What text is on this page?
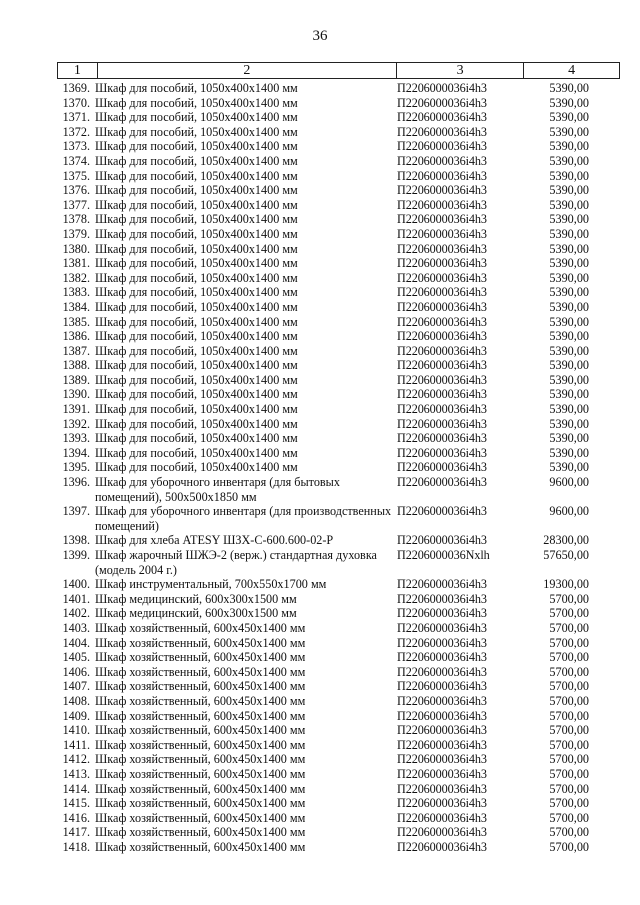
36
1	2	3	4
1369. Шкаф для пособий, 1050х400х1400 мм	П2206000036і4h3	5390,00
1370. Шкаф для пособий, 1050х400х1400 мм	П2206000036і4h3	5390,00
1371. Шкаф для пособий, 1050х400х1400 мм	П2206000036і4h3	5390,00
1372. Шкаф для пособий, 1050х400х1400 мм	П2206000036і4h3	5390,00
1373. Шкаф для пособий, 1050х400х1400 мм	П2206000036і4h3	5390,00
1374. Шкаф для пособий, 1050х400х1400 мм	П2206000036і4h3	5390,00
1375. Шкаф для пособий, 1050х400х1400 мм	П2206000036і4h3	5390,00
1376. Шкаф для пособий, 1050х400х1400 мм	П2206000036і4h3	5390,00
1377. Шкаф для пособий, 1050х400х1400 мм	П2206000036і4h3	5390,00
1378. Шкаф для пособий, 1050х400х1400 мм	П2206000036і4h3	5390,00
1379. Шкаф для пособий, 1050х400х1400 мм	П2206000036і4h3	5390,00
1380. Шкаф для пособий, 1050х400х1400 мм	П2206000036і4h3	5390,00
1381. Шкаф для пособий, 1050х400х1400 мм	П2206000036і4h3	5390,00
1382. Шкаф для пособий, 1050х400х1400 мм	П2206000036і4h3	5390,00
1383. Шкаф для пособий, 1050х400х1400 мм	П2206000036і4h3	5390,00
1384. Шкаф для пособий, 1050х400х1400 мм	П2206000036і4h3	5390,00
1385. Шкаф для пособий, 1050х400х1400 мм	П2206000036і4h3	5390,00
1386. Шкаф для пособий, 1050х400х1400 мм	П2206000036і4h3	5390,00
1387. Шкаф для пособий, 1050х400х1400 мм	П2206000036і4h3	5390,00
1388. Шкаф для пособий, 1050х400х1400 мм	П2206000036і4h3	5390,00
1389. Шкаф для пособий, 1050х400х1400 мм	П2206000036і4h3	5390,00
1390. Шкаф для пособий, 1050х400х1400 мм	П2206000036і4h3	5390,00
1391. Шкаф для пособий, 1050х400х1400 мм	П2206000036і4h3	5390,00
1392. Шкаф для пособий, 1050х400х1400 мм	П2206000036і4h3	5390,00
1393. Шкаф для пособий, 1050х400х1400 мм	П2206000036і4h3	5390,00
1394. Шкаф для пособий, 1050х400х1400 мм	П2206000036і4h3	5390,00
1395. Шкаф для пособий, 1050х400х1400 мм	П2206000036і4h3	5390,00
1396. Шкаф для уборочного инвентаря (для бытовых помещений), 500х500х1850 мм
П2206000036і4h3	9600,00
1397. Шкаф для уборочного инвентаря (для производственных помещений)
П2206000036і4h3	9600,00
1398. Шкаф для хлеба ATESY ШЗХ-С-600.600-02-Р	П2206000036і4h3	28300,00
1399. Шкаф жарочный ШЖЭ-2 (верж.) стандартная духовка (модель 2004 г.)
П2206000036Nxlh	57650,00
1400. Шкаф инструментальный, 700х550х1700 мм	П2206000036і4h3	19300,00
1401. Шкаф медицинский, 600х300х1500 мм	П2206000036і4h3	5700,00
1402. Шкаф медицинский, 600х300х1500 мм	П2206000036і4h3	5700,00
1403. Шкаф хозяйственный, 600х450х1400 мм	П2206000036і4h3	5700,00
1404. Шкаф хозяйственный, 600х450х1400 мм	П2206000036і4h3	5700,00
1405. Шкаф хозяйственный, 600х450х1400 мм	П2206000036і4h3	5700,00
1406. Шкаф хозяйственный, 600х450х1400 мм	П2206000036і4h3	5700,00
1407. Шкаф хозяйственный, 600х450х1400 мм	П2206000036і4h3	5700,00
1408. Шкаф хозяйственный, 600х450х1400 мм	П2206000036і4h3	5700,00
1409. Шкаф хозяйственный, 600х450х1400 мм	П2206000036і4h3	5700,00
1410. Шкаф хозяйственный, 600х450х1400 мм	П2206000036і4h3	5700,00
1411. Шкаф хозяйственный, 600х450х1400 мм	П2206000036і4h3	5700,00
1412. Шкаф хозяйственный, 600х450х1400 мм	П2206000036і4h3	5700,00
1413. Шкаф хозяйственный, 600х450х1400 мм	П2206000036і4h3	5700,00
1414. Шкаф хозяйственный, 600х450х1400 мм	П2206000036і4h3	5700,00
1415. Шкаф хозяйственный, 600х450х1400 мм	П2206000036і4h3	5700,00
1416. Шкаф хозяйственный, 600х450х1400 мм	П2206000036і4h3	5700,00
1417. Шкаф хозяйственный, 600х450х1400 мм	П2206000036і4h3	5700,00
1418. Шкаф хозяйственный, 600х450х1400 мм	П2206000036і4h3	5700,00
